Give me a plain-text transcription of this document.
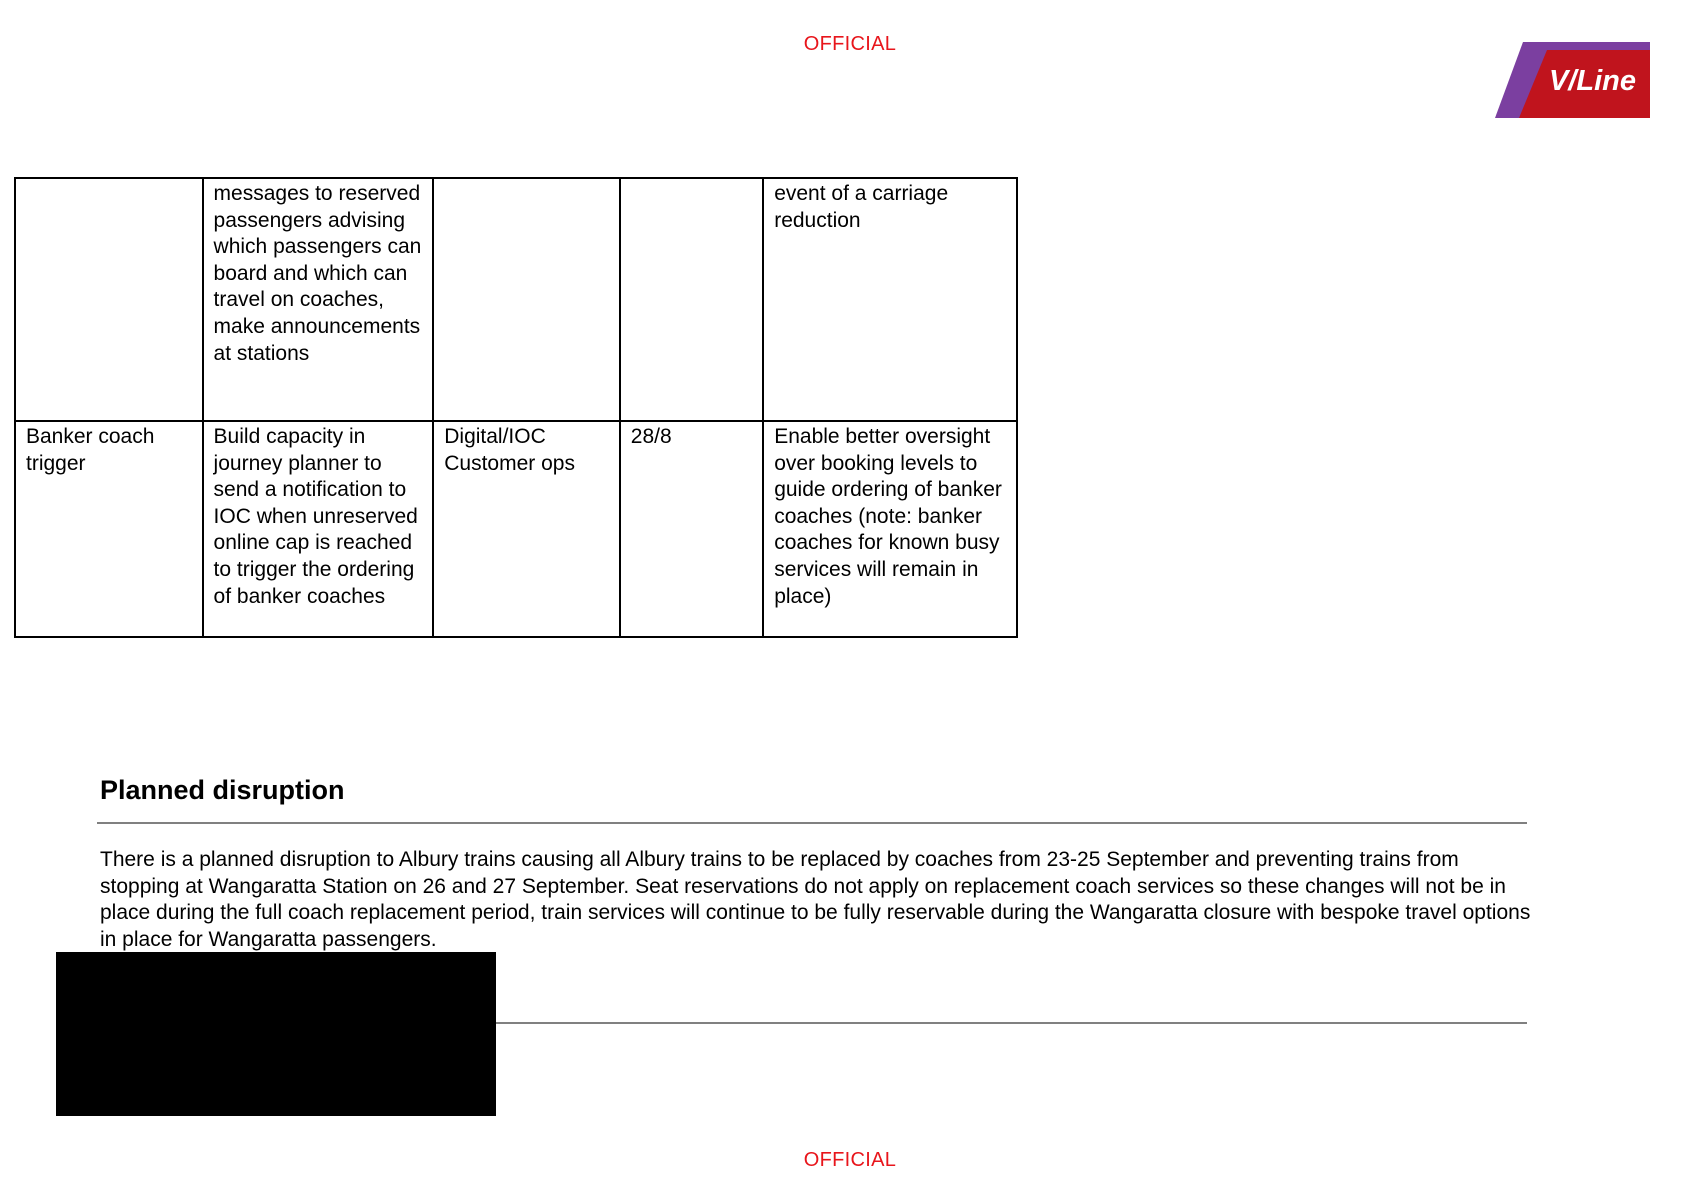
OFFICIAL
V/Line
	messages to reserved passengers advising which passengers can board and which can travel on coaches, make announcements at stations			event of a carriage reduction
Banker coach trigger	Build capacity in journey planner to send a notification to IOC when unreserved online cap is reached to trigger the ordering of banker coaches	Digital/IOC Customer ops	28/8	Enable better oversight over booking levels to guide ordering of banker coaches (note: banker coaches for known busy services will remain in place)
Planned disruption

There is a planned disruption to Albury trains causing all Albury trains to be replaced by coaches from 23-25 September and preventing trains from stopping at Wangaratta Station on 26 and 27 September. Seat reservations do not apply on replacement coach services so these changes will not be in place during the full coach replacement period, train services will continue to be fully reservable during the Wangaratta closure with bespoke travel options in place for Wangaratta passengers.

OFFICIAL
